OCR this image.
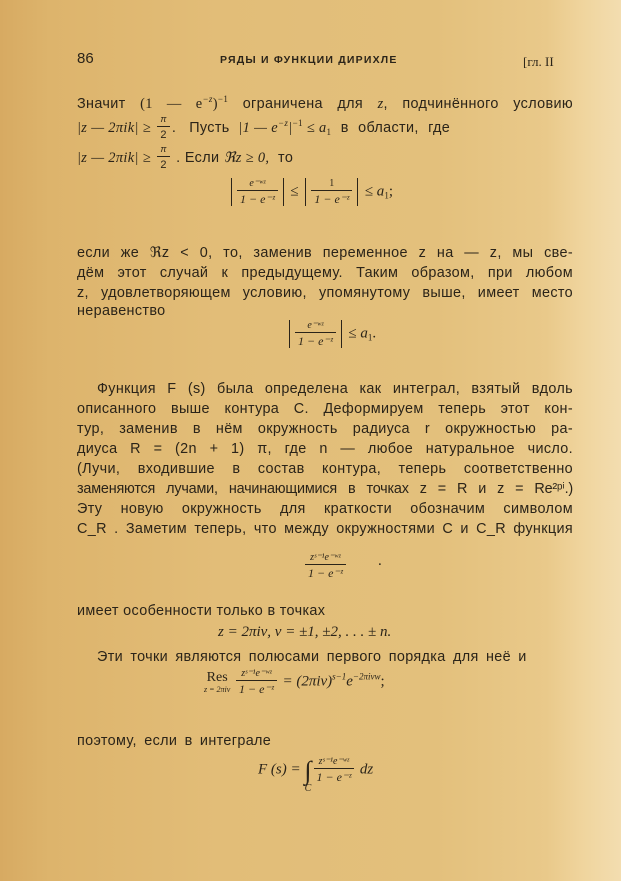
86	РЯДЫ И ФУНКЦИИ ДИРИХЛЕ	[гл. II
Значит (1 — $e^{-z})^{-1}$ ограничена для z, подчинённого условию
|z — $2\pi ik| \ge \frac{\pi}{2}$ .   Пусть  |1 — $e^{-z}|^{-1} \le a_1$ в области, где
|z — $2\pi ik| \ge \frac{\pi}{2}$ . Если ℜz ≥ 0,  то
$\frac{\text{e⁻ʷᶻ}}{\text{1 − e⁻ᶻ}} \le \frac{1}{\text{1 − e⁻ᶻ}} \le a_1$;
если же ℜz < 0, то, заменив переменное z на — z, мы све-
дём этот случай к предыдущему. Таким образом, при любом
z, удовлетворяющем условию, упомянутому выше, имеет место
неравенство
$\frac{\text{e⁻ʷᶻ}}{\text{1 − e⁻ᶻ}} \le a_1$.
Функция F (s) была определена как интеграл, взятый вдоль
описанного выше контура C. Деформируем теперь этот кон-
тур, заменив в нём окружность радиуса r окружностью ра-
диуса R = (2n + 1) π, где n — любое натуральное число.
(Лучи, входившие в состав контура, теперь соответственно
заменяются лучами, начинающимися в точках z = R и z = Re²ᵖⁱ.)
Эту новую окружность для краткости обозначим символом
C_R . Заметим теперь, что между окружностями C и C_R функция
$\frac{\text{zˢ⁻¹e⁻ʷᶻ}}{\text{1 − e⁻ᶻ}}$ ·
имеет особенности только в точках
z = 2πiν, ν = ±1, ±2, . . . ± n.
Эти точки являются полюсами первого порядка для неё и
Res
z = 2πiν
$\frac{\text{zˢ⁻¹e⁻ʷᶻ}}{\text{1 − e⁻ᶻ}} = (2\pi i\nu)^{s-1}e^{-2\pi i\nu w}$;
поэтому, если в интеграле
F (s) = ∫
C
$\frac{\text{zˢ⁻¹e⁻ʷᶻ}}{\text{1 − e⁻ᶻ}}$ dz
